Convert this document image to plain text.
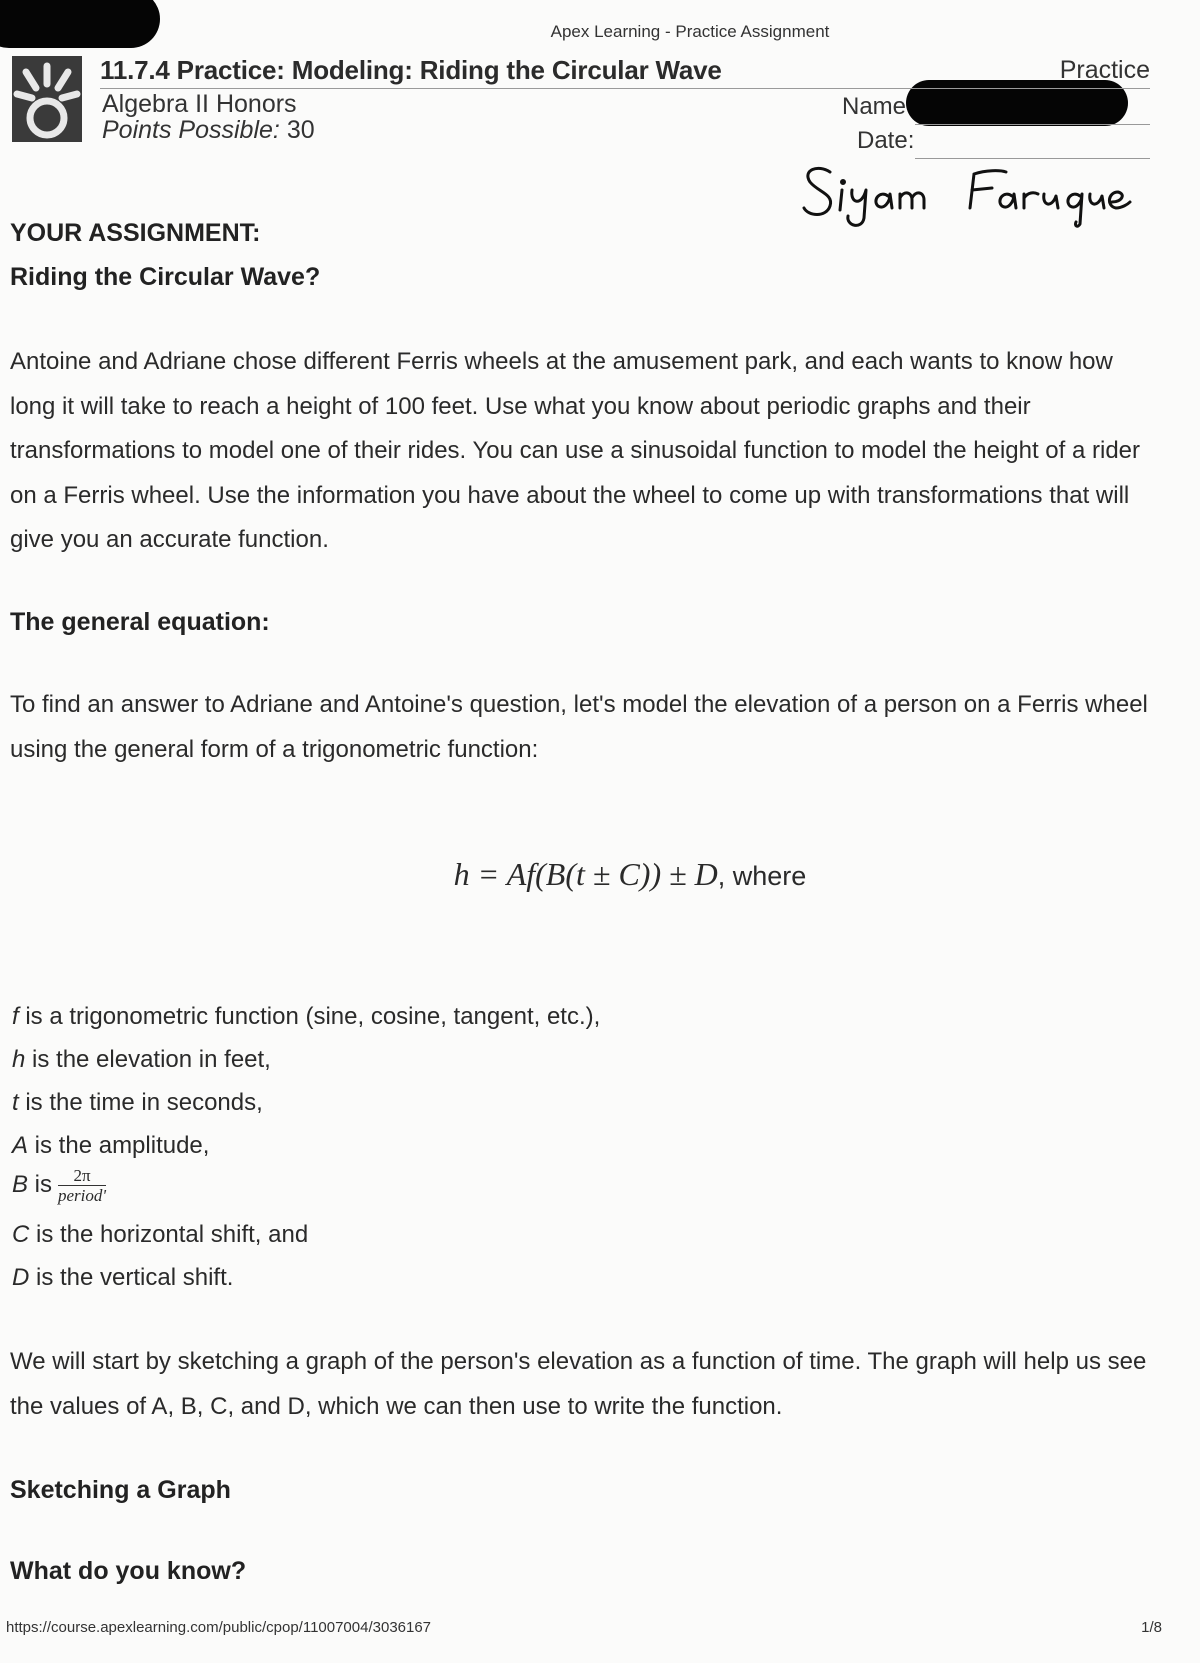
Apex Learning - Practice Assignment
11.7.4 Practice: Modeling: Riding the Circular Wave	Practice
Algebra II Honors
Points Possible: 30
Name
Date:
YOUR ASSIGNMENT:
Riding the Circular Wave?
Antoine and Adriane chose different Ferris wheels at the amusement park, and each wants to know how long it will take to reach a height of 100 feet. Use what you know about periodic graphs and their transformations to model one of their rides. You can use a sinusoidal function to model the height of a rider on a Ferris wheel. Use the information you have about the wheel to come up with transformations that will give you an accurate function.
The general equation:
To find an answer to Adriane and Antoine's question, let's model the elevation of a person on a Ferris wheel using the general form of a trigonometric function:
h = Af(B(t ± C)) ± D, where
f is a trigonometric function (sine, cosine, tangent, etc.),
h is the elevation in feet,
t is the time in seconds,
A is the amplitude,
B is $\frac{2\pi}{\text{period'}}$
C is the horizontal shift, and
D is the vertical shift.
We will start by sketching a graph of the person's elevation as a function of time. The graph will help us see the values of A, B, C, and D, which we can then use to write the function.
Sketching a Graph
What do you know?
https://course.apexlearning.com/public/cpop/11007004/3036167	1/8
